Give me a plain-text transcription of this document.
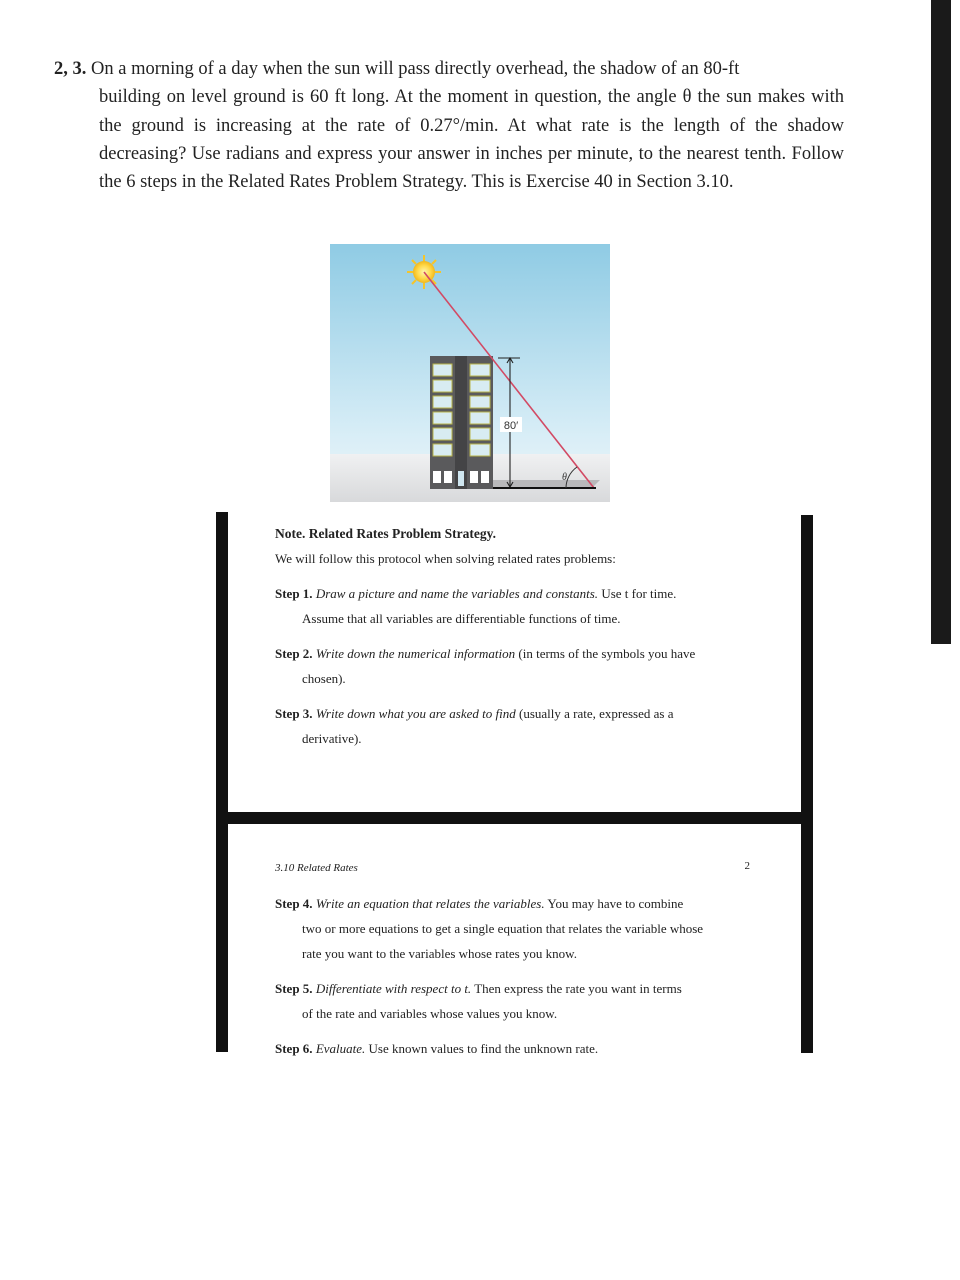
2, 3. On a morning of a day when the sun will pass directly overhead, the shadow of an 80-ft
building on level ground is 60 ft long. At the moment in question, the angle θ the sun makes with the ground is increasing at the rate of 0.27°/min. At what rate is the length of the shadow decreasing? Use radians and express your answer in inches per minute, to the nearest tenth. Follow the 6 steps in the Related Rates Problem Strategy. This is Exercise 40 in Section 3.10.
80′
θ
Note. Related Rates Problem Strategy.
We will follow this protocol when solving related rates problems:
Step 1. Draw a picture and name the variables and constants. Use t for time.
Assume that all variables are differentiable functions of time.
Step 2. Write down the numerical information (in terms of the symbols you have
chosen).
Step 3. Write down what you are asked to find (usually a rate, expressed as a
derivative).
3.10 Related Rates	2
Step 4. Write an equation that relates the variables. You may have to combine
two or more equations to get a single equation that relates the variable whose
rate you want to the variables whose rates you know.
Step 5. Differentiate with respect to t. Then express the rate you want in terms
of the rate and variables whose values you know.
Step 6. Evaluate. Use known values to find the unknown rate.
